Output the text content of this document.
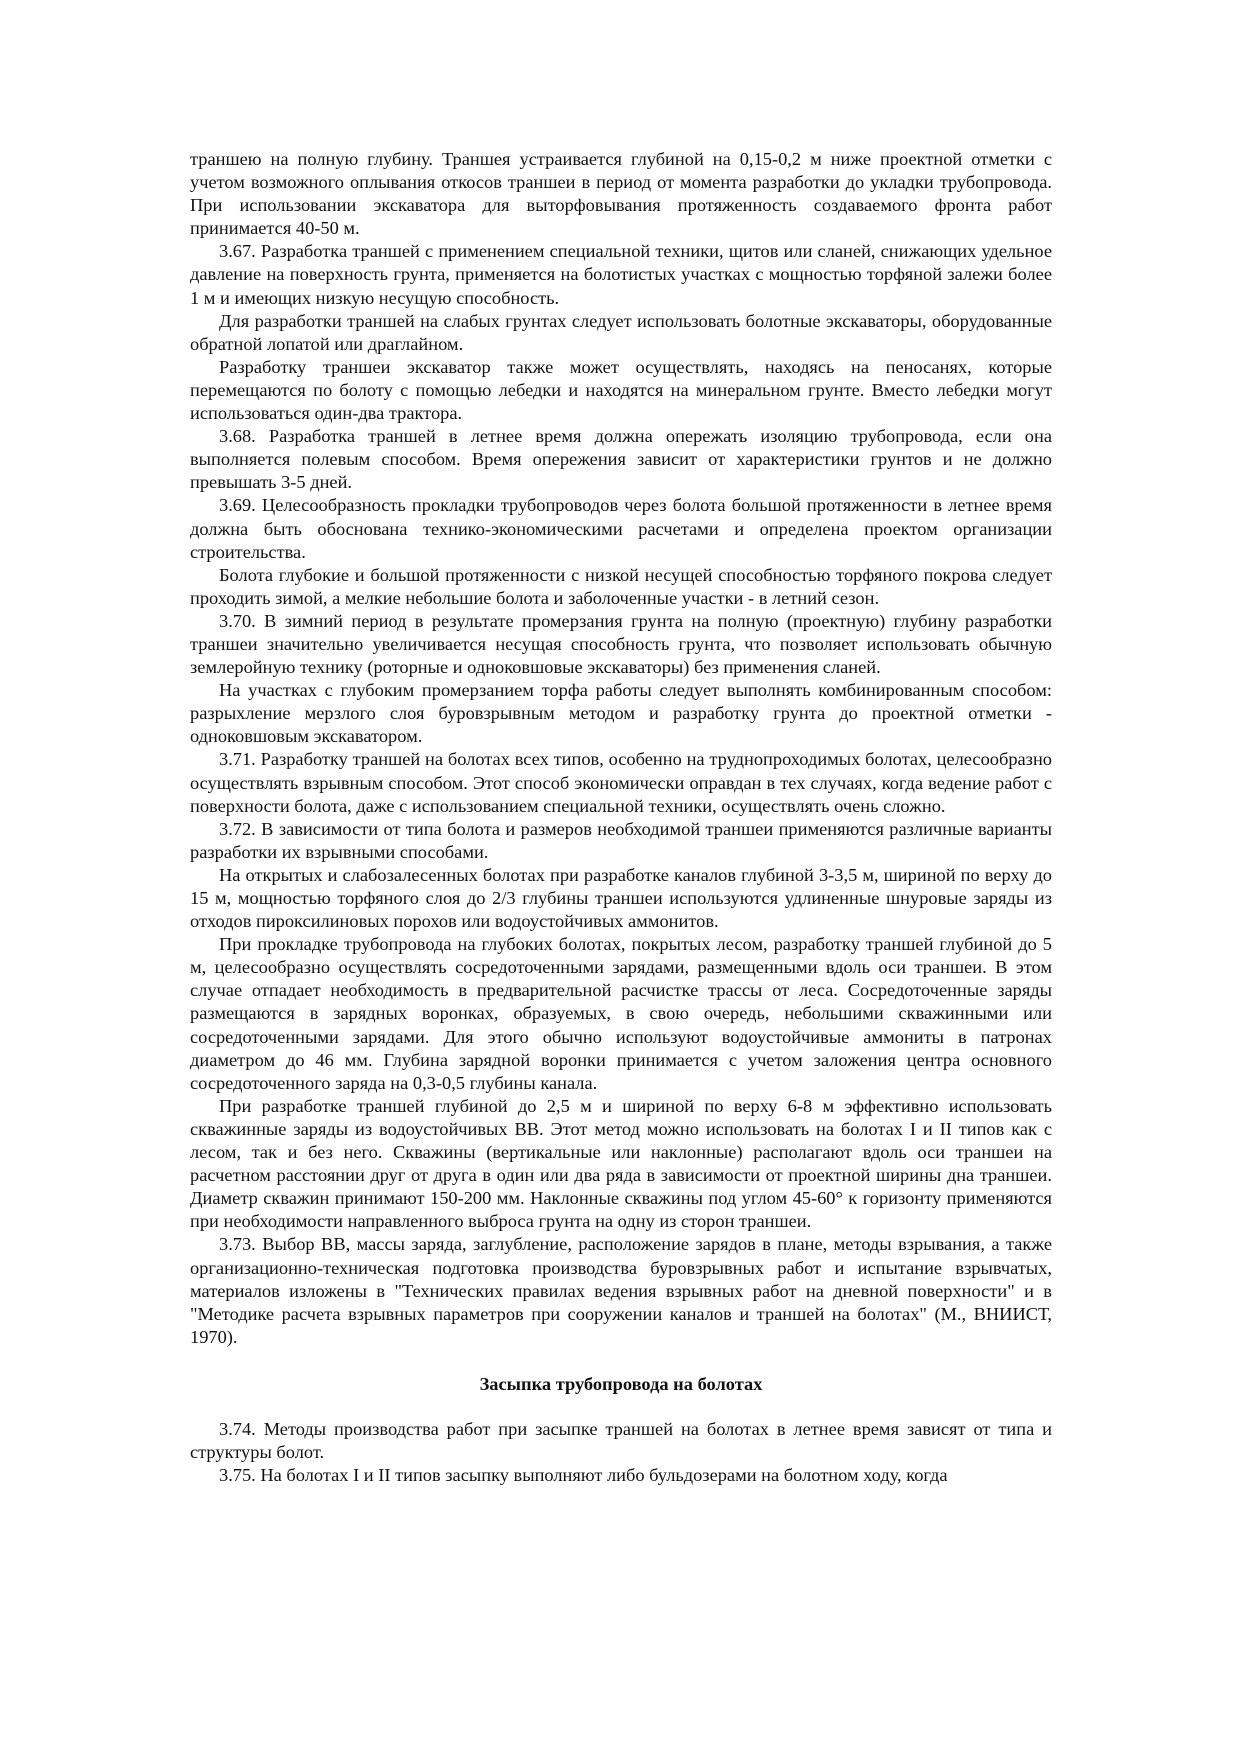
траншею на полную глубину. Траншея устраивается глубиной на 0,15-0,2 м ниже проектной отметки с учетом возможного оплывания откосов траншеи в период от момента разработки до укладки трубопровода. При использовании экскаватора для выторфовывания протяженность создаваемого фронта работ принимается 40-50 м.

3.67. Разработка траншей с применением специальной техники, щитов или слaней, снижающих удельное давление на поверхность грунта, применяется на болотистых участках с мощностью торфяной залежи более 1 м и имеющих низкую несущую способность.

Для разработки траншей на слабых грунтах следует использовать болотные экскаваторы, оборудованные обратной лопатой или драглайном.

Разработку траншеи экскаватор также может осуществлять, находясь на пеносанях, которые перемещаются по болоту с помощью лебедки и находятся на минеральном грунте. Вместо лебедки могут использоваться один-два трактора.

3.68. Разработка траншей в летнее время должна опережать изоляцию трубопровода, если она выполняется полевым способом. Время опережения зависит от характеристики грунтов и не должно превышать 3-5 дней.

3.69. Целесообразность прокладки трубопроводов через болота большой протяженности в летнее время должна быть обоснована технико-экономическими расчетами и определена проектом организации строительства.

Болота глубокие и большой протяженности с низкой несущей способностью торфяного покрова следует проходить зимой, а мелкие небольшие болота и заболоченные участки - в летний сезон.

3.70. В зимний период в результате промерзания грунта на полную (проектную) глубину разработки траншеи значительно увеличивается несущая способность грунта, что позволяет использовать обычную землеройную технику (роторные и одноковшовые экскаваторы) без применения сланей.

На участках с глубоким промерзанием торфа работы следует выполнять комбинированным способом: разрыхление мерзлого слоя буровзрывным методом и разработку грунта до проектной отметки - одноковшовым экскаватором.

3.71. Разработку траншей на болотах всех типов, особенно на труднопроходимых болотах, целесообразно осуществлять взрывным способом. Этот способ экономически оправдан в тех случаях, когда ведение работ с поверхности болота, даже с использованием специальной техники, осуществлять очень сложно.

3.72. В зависимости от типа болота и размеров необходимой траншеи применяются различные варианты разработки их взрывными способами.

На открытых и слабозалесенных болотах при разработке каналов глубиной 3-3,5 м, шириной по верху до 15 м, мощностью торфяного слоя до 2/3 глубины траншеи используются удлиненные шнуровые заряды из отходов пироксилиновых порохов или водоустойчивых аммонитов.

При прокладке трубопровода на глубоких болотах, покрытых лесом, разработку траншей глубиной до 5 м, целесообразно осуществлять сосредоточенными зарядами, размещенными вдоль оси траншеи. В этом случае отпадает необходимость в предварительной расчистке трассы от леса. Сосредоточенные заряды размещаются в зарядных воронках, образуемых, в свою очередь, небольшими скважинными или сосредоточенными зарядами. Для этого обычно используют водоустойчивые аммониты в патронах диаметром до 46 мм. Глубина зарядной воронки принимается с учетом заложения центра основного сосредоточенного заряда на 0,3-0,5 глубины канала.

При разработке траншей глубиной до 2,5 м и шириной по верху 6-8 м эффективно использовать скважинные заряды из водоустойчивых ВВ. Этот метод можно использовать на болотах I и II типов как с лесом, так и без него. Скважины (вертикальные или наклонные) располагают вдоль оси траншеи на расчетном расстоянии друг от друга в один или два ряда в зависимости от проектной ширины дна траншеи. Диаметр скважин принимают 150-200 мм. Наклонные скважины под углом 45-60° к горизонту применяются при необходимости направленного выброса грунта на одну из сторон траншеи.

3.73. Выбор ВВ, массы заряда, заглубление, расположение зарядов в плане, методы взрывания, а также организационно-техническая подготовка производства буровзрывных работ и испытание взрывчатых, материалов изложены в "Технических правилах ведения взрывных работ на дневной поверхности" и в "Методике расчета взрывных параметров при сооружении каналов и траншей на болотах" (М., ВНИИСТ, 1970).

Засыпка трубопровода на болотах

3.74. Методы производства работ при засыпке траншей на болотах в летнее время зависят от типа и структуры болот.

3.75. На болотах I и II типов засыпку выполняют либо бульдозерами на болотном ходу, когда
